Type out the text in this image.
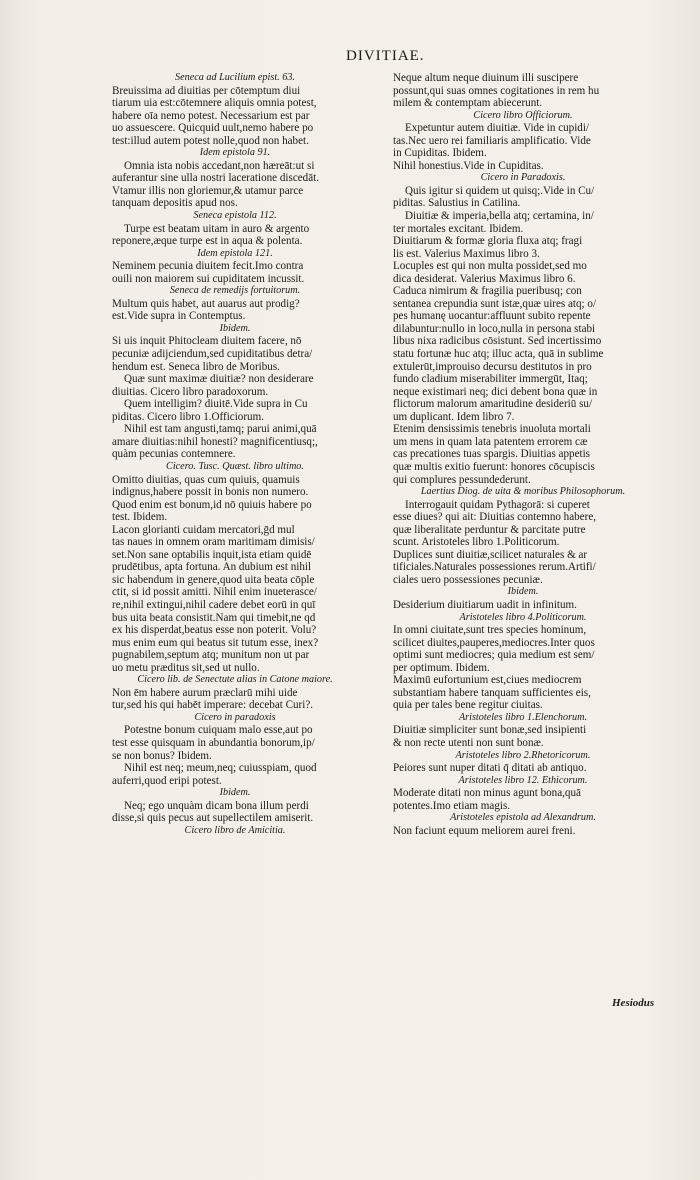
DIVITIAE.

Seneca ad Lucilium epist. 63.

Breuissima ad diuitias per cōtemptum diui

tiarum uia est:cōtemnere aliquis omnia potest,

habere oīa nemo potest. Necessarium est par

uo assuescere. Quicquid uult,nemo habere po

test:illud autem potest nolle,quod non habet.

Idem epistola 91.

Omnia ista nobis accedant,non hæreāt:ut si

auferantur sine ulla nostri laceratione discedāt.

Vtamur illis non gloriemur,& utamur parce

tanquam depositis apud nos.

Seneca epistola 112.

Turpe est beatam uitam in auro & argento

reponere,æque turpe est in aqua & polenta.

Idem epistola 121.

Neminem pecunia diuitem fecit.Imo contra

ouili non maiorem sui cupiditatem incussit.

Seneca de remedijs fortuitorum.

Multum quis habet, aut auarus aut prodig?

est.Vide supra in Contemptus.

Ibidem.

Si uis inquit Phitocleam diuitem facere, nō

pecuniæ adijciendum,sed cupiditatibus detra/

hendum est. Seneca libro de Moribus.

Quæ sunt maximæ diuitiæ? non desiderare

diuitias. Cicero libro paradoxorum.

Quem intelligim? diuitē.Vide supra in Cu

piditas. Cicero libro 1.Officiorum.

Nihil est tam angusti,tamq; parui animi,quā

amare diuitias:nihil honesti? magnificentiusq;,

quàm pecunias contemnere.

Cicero. Tusc. Quæst. libro ultimo.

Omitto diuitias, quas cum quiuis, quamuis

indignus,habere possit in bonis non numero.

Quod enim est bonum,id nō quiuis habere po

test. Ibidem.

Lacon glorianti cuidam mercatori,ḡd mul

tas naues in omnem oram maritimam dimisis/

set.Non sane optabilis inquit,ista etiam quidē

prudētibus, apta fortuna. An dubium est nihil

sic habendum in genere,quod uita beata cōple

ctit, si id possit amitti. Nihil enim inueterasce/

re,nihil extingui,nihil cadere debet eorū in quī

bus uita beata consistit.Nam qui timebit,ne qd

ex his disperdat,beatus esse non poterit. Volu?

mus enim eum qui beatus sit tutum esse, inex?

pugnabilem,septum atq; munitum non ut par

uo metu præditus sit,sed ut nullo.

Cicero lib. de Senectute alias in Catone maiore.

Non ēm habere aurum præclarū mihi uide

tur,sed his qui habēt imperare: decebat Curi?.

Cicero in paradoxis

Potestne bonum cuiquam malo esse,aut po

test esse quisquam in abundantia bonorum,ip/

se non bonus? Ibidem.

Nihil est neq; meum,neq; cuiusspiam, quod

auferri,quod eripi potest.

Ibidem.

Neq; ego unquàm dicam bona illum perdi

disse,si quis pecus aut supellectilem amiserit.

Cicero libro de Amicitia.

Neque altum neque diuinum illi suscipere

possunt,qui suas omnes cogitationes in rem hu

milem & contemptam abiecerunt.

Cicero libro Officiorum.

Expetuntur autem diuitiæ. Vide in cupidi/

tas.Nec uero rei familiaris amplificatio. Vide

in Cupiditas. Ibidem.

Nihil honestius.Vide in Cupiditas.

Cicero in Paradoxis.

Quis igitur si quidem ut quisq;.Vide in Cu/

piditas. Salustius in Catilina.

Diuitiæ & imperia,bella atq; certamina, in/

ter mortales excitant. Ibidem.

Diuitiarum & formæ gloria fluxa atq; fragi

lis est. Valerius Maximus libro 3.

Locuples est qui non multa possidet,sed mo

dica desiderat. Valerius Maximus libro 6.

Caduca nimirum & fragilia pueribusq; con

sentanea crepundia sunt istæ,quæ uires atq; o/

pes humanę uocantur:affluunt subito repente

dilabuntur:nullo in loco,nulla in persona stabi

libus nixa radicibus cōsistunt. Sed incertissimo

statu fortunæ huc atq; illuc acta, quā in sublime

extulerūt,improuiso decursu destitutos in pro

fundo cladium miserabiliter immergūt, Itaq;

neque existimari neq; dici debent bona quæ in

flictorum malorum amaritudine desideriū su/

um duplicant. Idem libro 7.

Etenim densissimis tenebris inuoluta mortali

um mens in quam lata patentem errorem cæ

cas precationes tuas spargis. Diuitias appetis

quæ multis exitio fuerunt: honores cōcupiscis

qui complures pessundederunt.

Laertius Diog. de uita & moribus Philosophorum.

Interrogauit quidam Pythagorā: si cuperet

esse diues? qui ait: Diuitias contemno habere,

quæ liberalitate perduntur & parcitate putre

scunt. Aristoteles libro 1.Politicorum.

Duplices sunt diuitiæ,scilicet naturales & ar

tificiales.Naturales possessiones rerum.Artifi/

ciales uero possessiones pecuniæ.

Ibidem.

Desiderium diuitiarum uadit in infinitum.

Aristoteles libro 4.Politicorum.

In omni ciuitate,sunt tres species hominum,

scilicet diuites,pauperes,mediocres.Inter quos

optimi sunt mediocres; quia medium est sem/

per optimum. Ibidem.

Maximū eufortunium est,ciues mediocrem

substantiam habere tanquam sufficientes eis,

quia per tales bene regitur ciuitas.

Aristoteles libro 1.Elenchorum.

Diuitiæ simpliciter sunt bonæ,sed insipienti

& non recte utenti non sunt bonæ.

Aristoteles libro 2.Rhetoricorum.

Peiores sunt nuper ditati q̄ ditati ab antiquo.

Aristoteles libro 12. Ethicorum.

Moderate ditati non minus agunt bona,quā

potentes.Imo etiam magis.

Aristoteles epistola ad Alexandrum.

Non faciunt equum meliorem aurei freni.

Hesiodus
